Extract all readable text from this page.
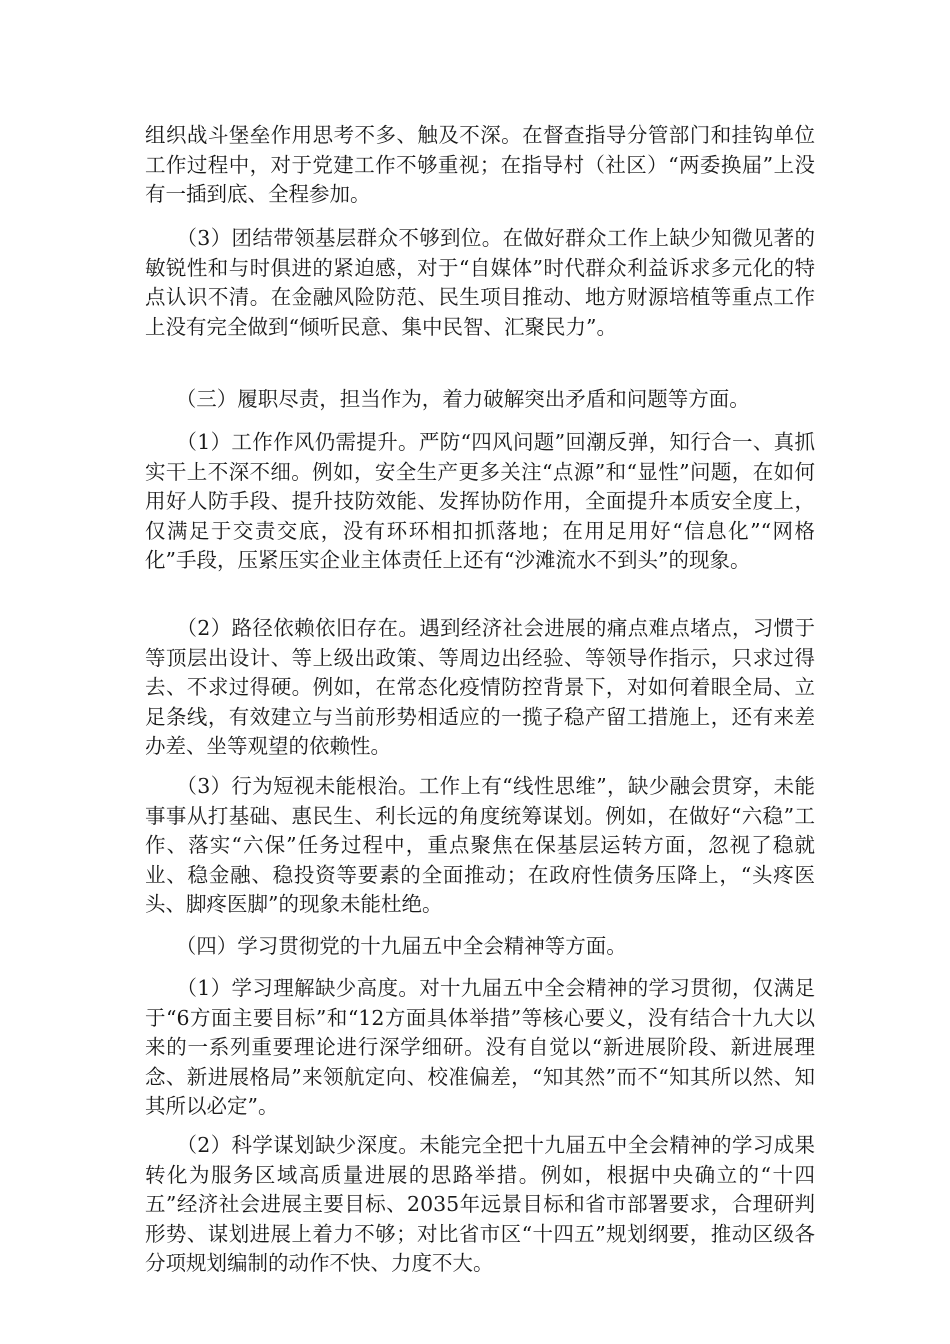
组织战斗堡垒作用思考不多、触及不深。在督查指导分管部门和挂钩单位工作过程中，对于党建工作不够重视；在指导村（社区）“两委换届”上没有一插到底、全程参加。

　　（3）团结带领基层群众不够到位。在做好群众工作上缺少知微见著的敏锐性和与时俱进的紧迫感，对于“自媒体”时代群众利益诉求多元化的特点认识不清。在金融风险防范、民生项目推动、地方财源培植等重点工作上没有完全做到“倾听民意、集中民智、汇聚民力”。

　　（三）履职尽责，担当作为，着力破解突出矛盾和问题等方面。

　　（1）工作作风仍需提升。严防“四风问题”回潮反弹，知行合一、真抓实干上不深不细。例如，安全生产更多关注“点源”和“显性”问题，在如何用好人防手段、提升技防效能、发挥协防作用，全面提升本质安全度上，仅满足于交责交底，没有环环相扣抓落地；在用足用好“信息化”“网格化”手段，压紧压实企业主体责任上还有“沙滩流水不到头”的现象。

　　（2）路径依赖依旧存在。遇到经济社会进展的痛点难点堵点，习惯于等顶层出设计、等上级出政策、等周边出经验、等领导作指示，只求过得去、不求过得硬。例如，在常态化疫情防控背景下，对如何着眼全局、立足条线，有效建立与当前形势相适应的一揽子稳产留工措施上，还有来差办差、坐等观望的依赖性。

　　（3）行为短视未能根治。工作上有“线性思维”，缺少融会贯穿，未能事事从打基础、惠民生、利长远的角度统筹谋划。例如，在做好“六稳”工作、落实“六保”任务过程中，重点聚焦在保基层运转方面，忽视了稳就业、稳金融、稳投资等要素的全面推动；在政府性债务压降上，“头疼医头、脚疼医脚”的现象未能杜绝。

　　（四）学习贯彻党的十九届五中全会精神等方面。

　　（1）学习理解缺少高度。对十九届五中全会精神的学习贯彻，仅满足于“6方面主要目标”和“12方面具体举措”等核心要义，没有结合十九大以来的一系列重要理论进行深学细研。没有自觉以“新进展阶段、新进展理念、新进展格局”来领航定向、校准偏差，“知其然”而不“知其所以然、知其所以必定”。

　　（2）科学谋划缺少深度。未能完全把十九届五中全会精神的学习成果转化为服务区域高质量进展的思路举措。例如，根据中央确立的“十四五”经济社会进展主要目标、2035年远景目标和省市部署要求，合理研判形势、谋划进展上着力不够；对比省市区“十四五”规划纲要，推动区级各分项规划编制的动作不快、力度不大。
